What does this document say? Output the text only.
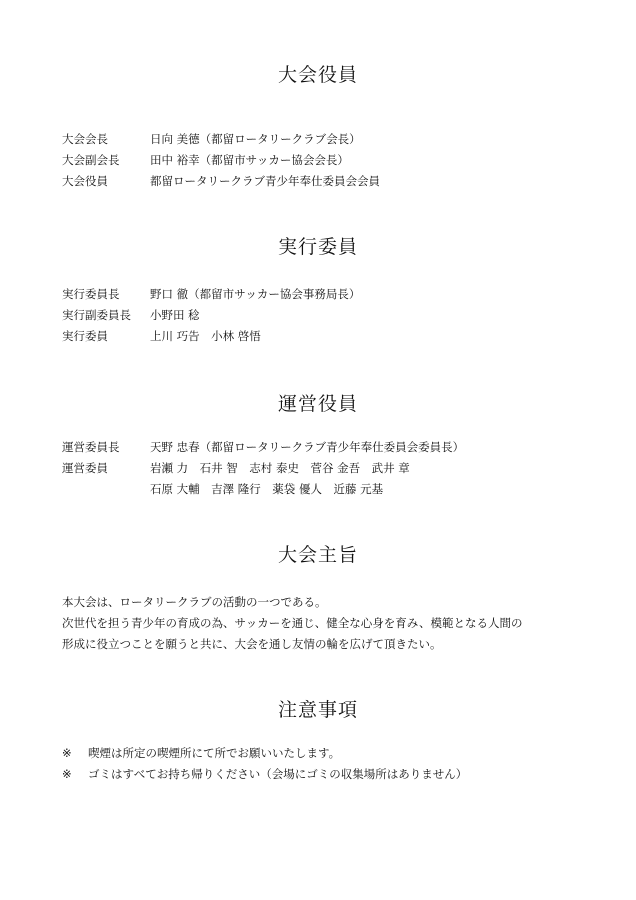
大会役員
大会会長	日向 美德（都留ロータリークラブ会長）
大会副会長	田中 裕幸（都留市サッカー協会会長）
大会役員	都留ロータリークラブ青少年奉仕委員会会員
実行委員
実行委員長	野口 徹（都留市サッカー協会事務局長）
実行副委員長 小野田 稔
実行委員	上川 巧告　小林 啓悟
運営役員
運営委員長	天野 忠春（都留ロータリークラブ青少年奉仕委員会委員長）
運営委員	岩瀬 力　石井 智　志村 泰史　菅谷 金吾　武井 章
石原 大輔　吉澤 隆行　薬袋 優人　近藤 元基
大会主旨

本大会は、ロータリークラブの活動の一つである。
次世代を担う青少年の育成の為、サッカーを通じ、健全な心身を育み、模範となる人間の
形成に役立つことを願うと共に、大会を通し友情の輪を広げて頂きたい。

注意事項
※ 喫煙は所定の喫煙所にて所でお願いいたします。
※ ゴミはすべてお持ち帰りください（会場にゴミの収集場所はありません）
